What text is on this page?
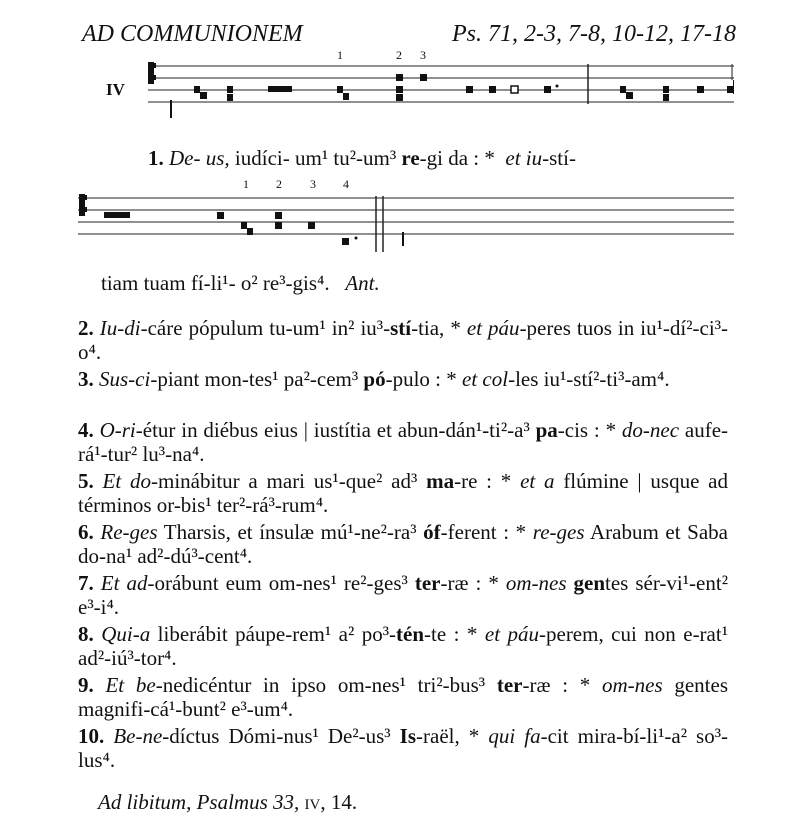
AD COMMUNIONEM	Ps. 71, 2-3, 7-8, 10-12, 17-18
IV
1	2 3
1 2 3 4
1. De- us, iudíci- um¹ tu²-um³ re-gi da : * et iu-stí-
tiam tuam fí-li¹- o² re³-gis⁴. Ant.
2. Iu-di-cáre pópulum tu-um¹ in² iu³-stí-tia, * et páu-peres tuos in iu¹-dí²-ci³-o⁴.
3. Sus-ci-piant mon-tes¹ pa²-cem³ pó-pulo : * et col-les iu¹-stí²-ti³-am⁴.
4. O-ri-étur in diébus eius | iustítia et abun-dán¹-ti²-a³ pa-cis : * do-nec aufe-rá¹-tur² lu³-na⁴.
5. Et do-minábitur a mari us¹-que² ad³ ma-re : * et a flúmine | usque ad términos or-bis¹ ter²-rá³-rum⁴.
6. Re-ges Tharsis, et ínsulæ mú¹-ne²-ra³ óf-ferent : * re-ges Arabum et Saba do-na¹ ad²-dú³-cent⁴.
7. Et ad-orábunt eum om-nes¹ re²-ges³ ter-ræ : * om-nes gentes sér-vi¹-ent² e³-i⁴.
8. Qui-a liberábit páupe-rem¹ a² po³-tén-te : * et páu-perem, cui non e-rat¹ ad²-iú³-tor⁴.
9. Et be-nedicéntur in ipso om-nes¹ tri²-bus³ ter-ræ : * om-nes gentes magnifi-cá¹-bunt² e³-um⁴.
10. Be-ne-díctus Dómi-nus¹ De²-us³ Is-raël, * qui fa-cit mira-bí-li¹-a² so³-lus⁴.
Ad libitum, Psalmus 33, iv, 14.
